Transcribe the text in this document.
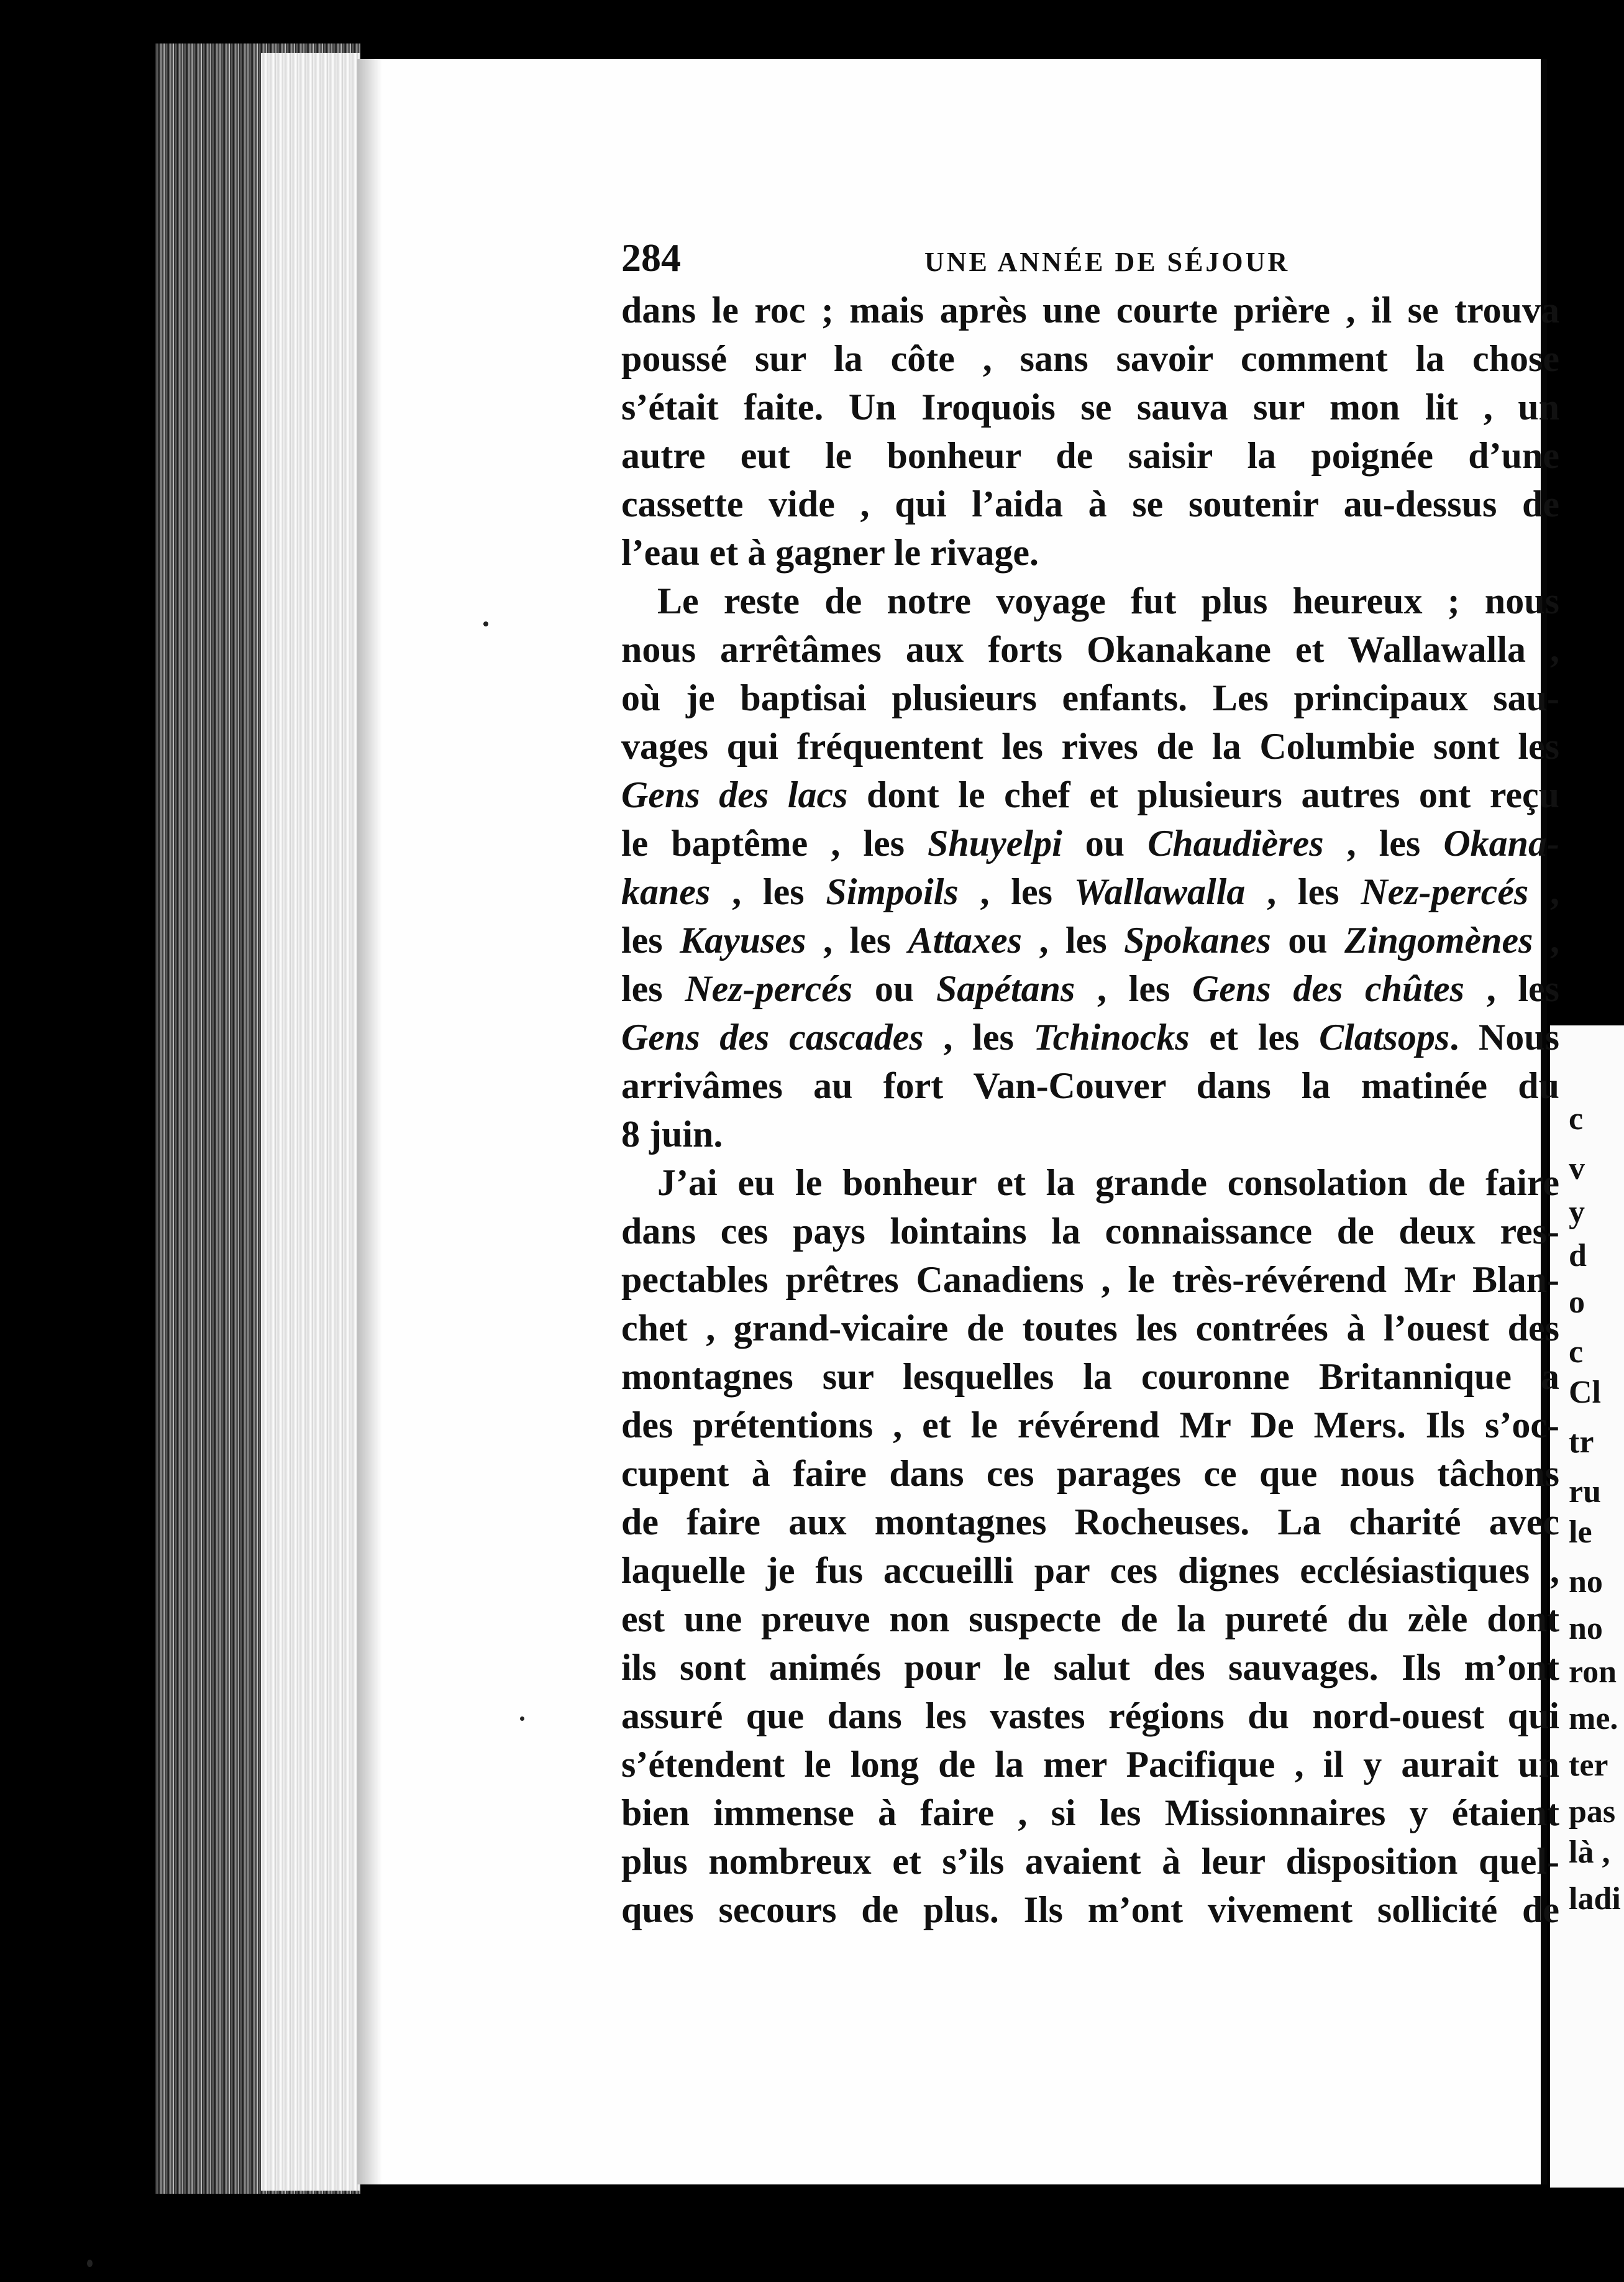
c
v
y
d
o
c
Cl
tr
ru
le
no
no
ron
me.
ter
pas
là ,
ladi
284	UNE ANNÉE DE SÉJOUR
dans le roc ; mais après une courte prière , il se trouva
poussé sur la côte , sans savoir comment la chose
s’était faite. Un Iroquois se sauva sur mon lit , un
autre eut le bonheur de saisir la poignée d’une
cassette vide , qui l’aida à se soutenir au-dessus de
l’eau et à gagner le rivage.
Le reste de notre voyage fut plus heureux ; nous
nous arrêtâmes aux forts Okanakane et Wallawalla ,
où je baptisai plusieurs enfants. Les principaux sau-
vages qui fréquentent les rives de la Columbie sont les
Gens des lacs dont le chef et plusieurs autres ont reçu
le baptême , les Shuyelpi ou Chaudières , les Okana-
kanes , les Simpoils , les Wallawalla , les Nez-percés ,
les Kayuses , les Attaxes , les Spokanes ou Zingomènes ,
les Nez-percés ou Sapétans , les Gens des chûtes , les
Gens des cascades , les Tchinocks et les Clatsops. Nous
arrivâmes au fort Van-Couver dans la matinée du
8 juin.
J’ai eu le bonheur et la grande consolation de faire
dans ces pays lointains la connaissance de deux res-
pectables prêtres Canadiens , le très-révérend Mr Blan-
chet , grand-vicaire de toutes les contrées à l’ouest des
montagnes sur lesquelles la couronne Britannique a
des prétentions , et le révérend Mr De Mers. Ils s’oc-
cupent à faire dans ces parages ce que nous tâchons
de faire aux montagnes Rocheuses. La charité avec
laquelle je fus accueilli par ces dignes ecclésiastiques ,
est une preuve non suspecte de la pureté du zèle dont
ils sont animés pour le salut des sauvages. Ils m’ont
assuré que dans les vastes régions du nord-ouest qui
s’étendent le long de la mer Pacifique , il y aurait un
bien immense à faire , si les Missionnaires y étaient
plus nombreux et s’ils avaient à leur disposition quel-
ques secours de plus. Ils m’ont vivement sollicité de
